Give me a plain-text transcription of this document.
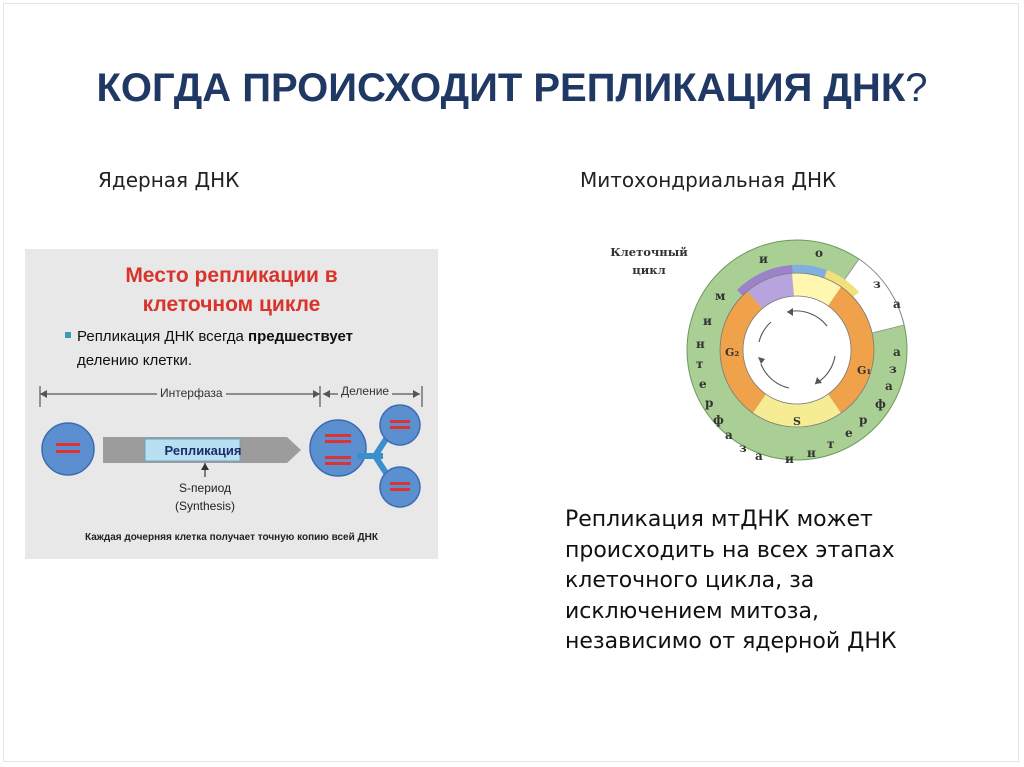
КОГДА ПРОИСХОДИТ РЕПЛИКАЦИЯ ДНК?
Ядерная ДНК	Митохондриальная ДНК
Место репликации в
клеточном цикле
Репликация ДНК всегда предшествует
делению клетки.
Интерфаза	Деление
Репликация
S-период
(Synthesis)
Каждая дочерняя клетка получает точную копию всей ДНК
G₂
G₁
S
и
м
и
н
т
е
р
ф
а
з
а и н
т
е
р
ф
а
з
а
о
з
а
Клеточный
цикл
Репликация мтДНК может
происходить на всех этапах
клеточного цикла, за
исключением митоза,
независимо от ядерной ДНК
